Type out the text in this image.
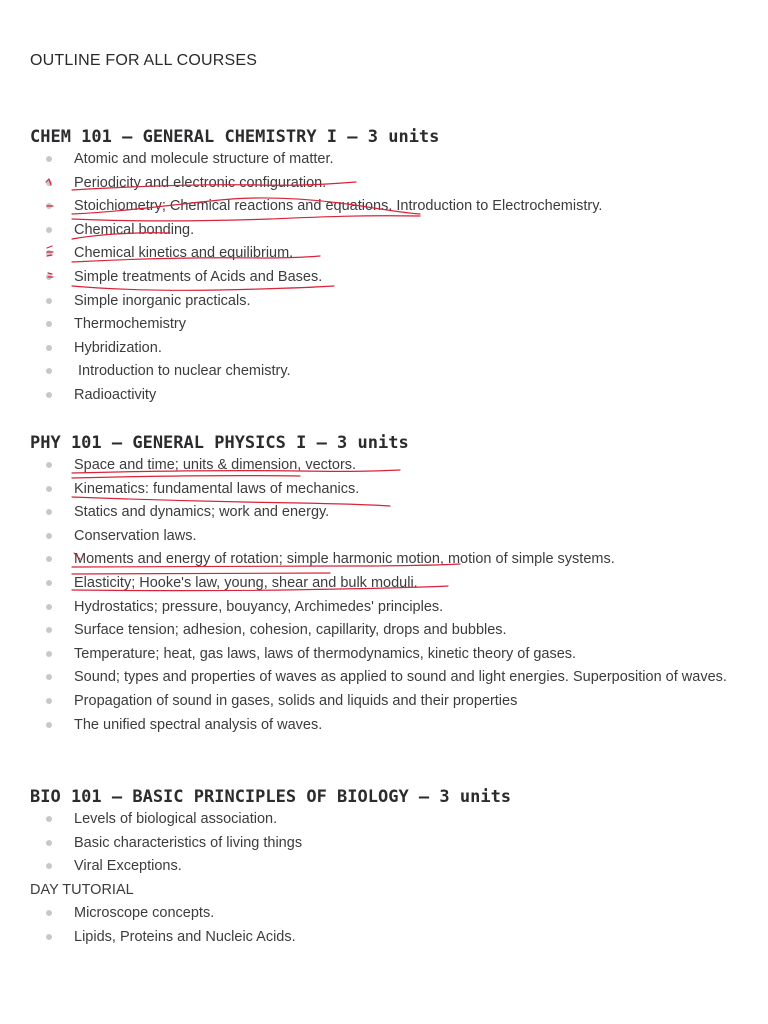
OUTLINE FOR ALL COURSES
CHEM 101 – GENERAL CHEMISTRY I – 3 units
Atomic and molecule structure of matter.
Periodicity and electronic configuration.
Stoichiometry; Chemical reactions and equations. Introduction to Electrochemistry.
Chemical bonding.
Chemical kinetics and equilibrium.
Simple treatments of Acids and Bases.
Simple inorganic practicals.
Thermochemistry
Hybridization.
Introduction to nuclear chemistry.
Radioactivity
PHY 101 – GENERAL PHYSICS I – 3 units
Space and time; units & dimension, vectors.
Kinematics: fundamental laws of mechanics.
Statics and dynamics; work and energy.
Conservation laws.
Moments and energy of rotation; simple harmonic motion, motion of simple systems.
Elasticity; Hooke's law, young, shear and bulk moduli.
Hydrostatics; pressure, bouyancy, Archimedes' principles.
Surface tension; adhesion, cohesion, capillarity, drops and bubbles.
Temperature; heat, gas laws, laws of thermodynamics, kinetic theory of gases.
Sound; types and properties of waves as applied to sound and light energies. Superposition of waves.
Propagation of sound in gases, solids and liquids and their properties
The unified spectral analysis of waves.
BIO 101 – BASIC PRINCIPLES OF BIOLOGY – 3 units
Levels of biological association.
Basic characteristics of living things
Viral Exceptions.
DAY TUTORIAL
Microscope concepts.
Lipids, Proteins and Nucleic Acids.
